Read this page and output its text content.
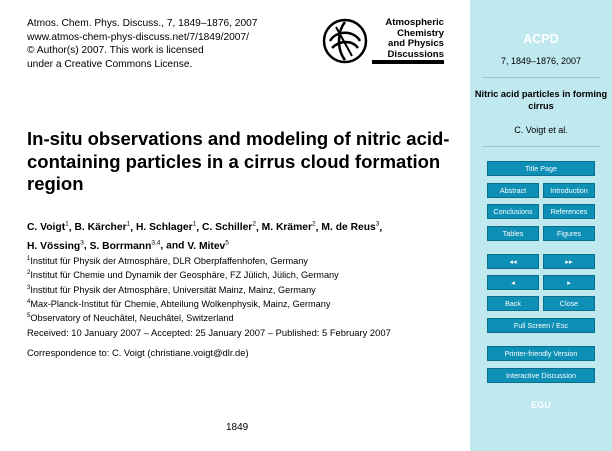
Atmos. Chem. Phys. Discuss., 7, 1849–1876, 2007
www.atmos-chem-phys-discuss.net/7/1849/2007/
© Author(s) 2007. This work is licensed
under a Creative Commons License.
Atmospheric
Chemistry
and Physics
Discussions
In-situ observations and modeling of nitric acid-containing particles in a cirrus cloud formation region
C. Voigt$^1$, B. Kärcher$^1$, H. Schlager$^1$, C. Schiller$^2$, M. Krämer$^2$, M. de Reus$^3$,
H. Vössing$^3$, S. Borrmann$^{3,4}$, and V. Mitev$^5$
$^1$Institut für Physik der Atmosphäre, DLR Oberpfaffenhofen, Germany
$^2$Institut für Chemie und Dynamik der Geosphäre, FZ Jülich, Jülich, Germany
$^3$Institut für Physik der Atmosphäre, Universität Mainz, Mainz, Germany
$^4$Max-Planck-Institut für Chemie, Abteilung Wolkenphysik, Mainz, Germany
$^5$Observatory of Neuchâtel, Neuchâtel, Switzerland
Received: 10 January 2007 – Accepted: 25 January 2007 – Published: 5 February 2007
Correspondence to: C. Voigt (christiane.voigt@dlr.de)
1849
ACPD
7, 1849–1876, 2007
Nitric acid particles in forming cirrus
C. Voigt et al.
Title Page
Abstract	Introduction
Conclusions	References
Tables	Figures
◂◂	▸▸
◂	▸
Back	Close
Full Screen / Esc
Printer-friendly Version
Interactive Discussion
EGU
